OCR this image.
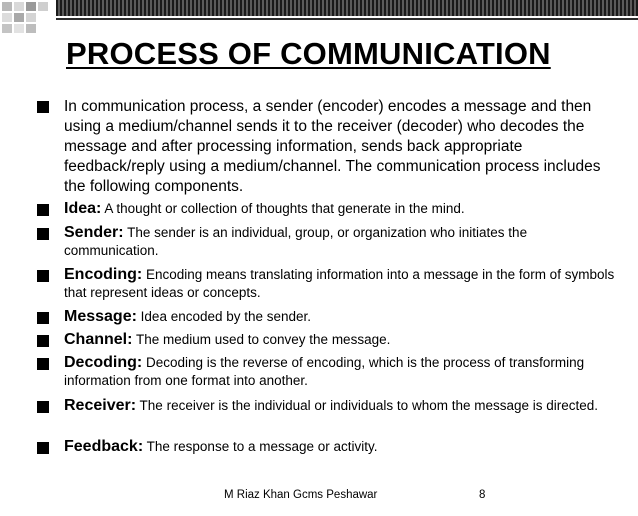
PROCESS OF COMMUNICATION
In communication process, a sender (encoder) encodes a message and then using a medium/channel sends it to the receiver (decoder) who decodes the message and after processing information, sends back appropriate feedback/reply using a medium/channel. The communication process includes the following components.
Idea: A thought or collection of thoughts that generate in the mind.
Sender: The sender is an individual, group, or organization who initiates the communication.
Encoding: Encoding means translating information into a message in the form of symbols that represent ideas or concepts.
Message: Idea encoded by the sender.
Channel: The medium used to convey the message.
Decoding: Decoding is the reverse of encoding, which is the process of transforming information from one format into another.
Receiver: The receiver is the individual or individuals to whom the message is directed.
Feedback: The response to a message or activity.
M Riaz Khan Gcms Peshawar	8
